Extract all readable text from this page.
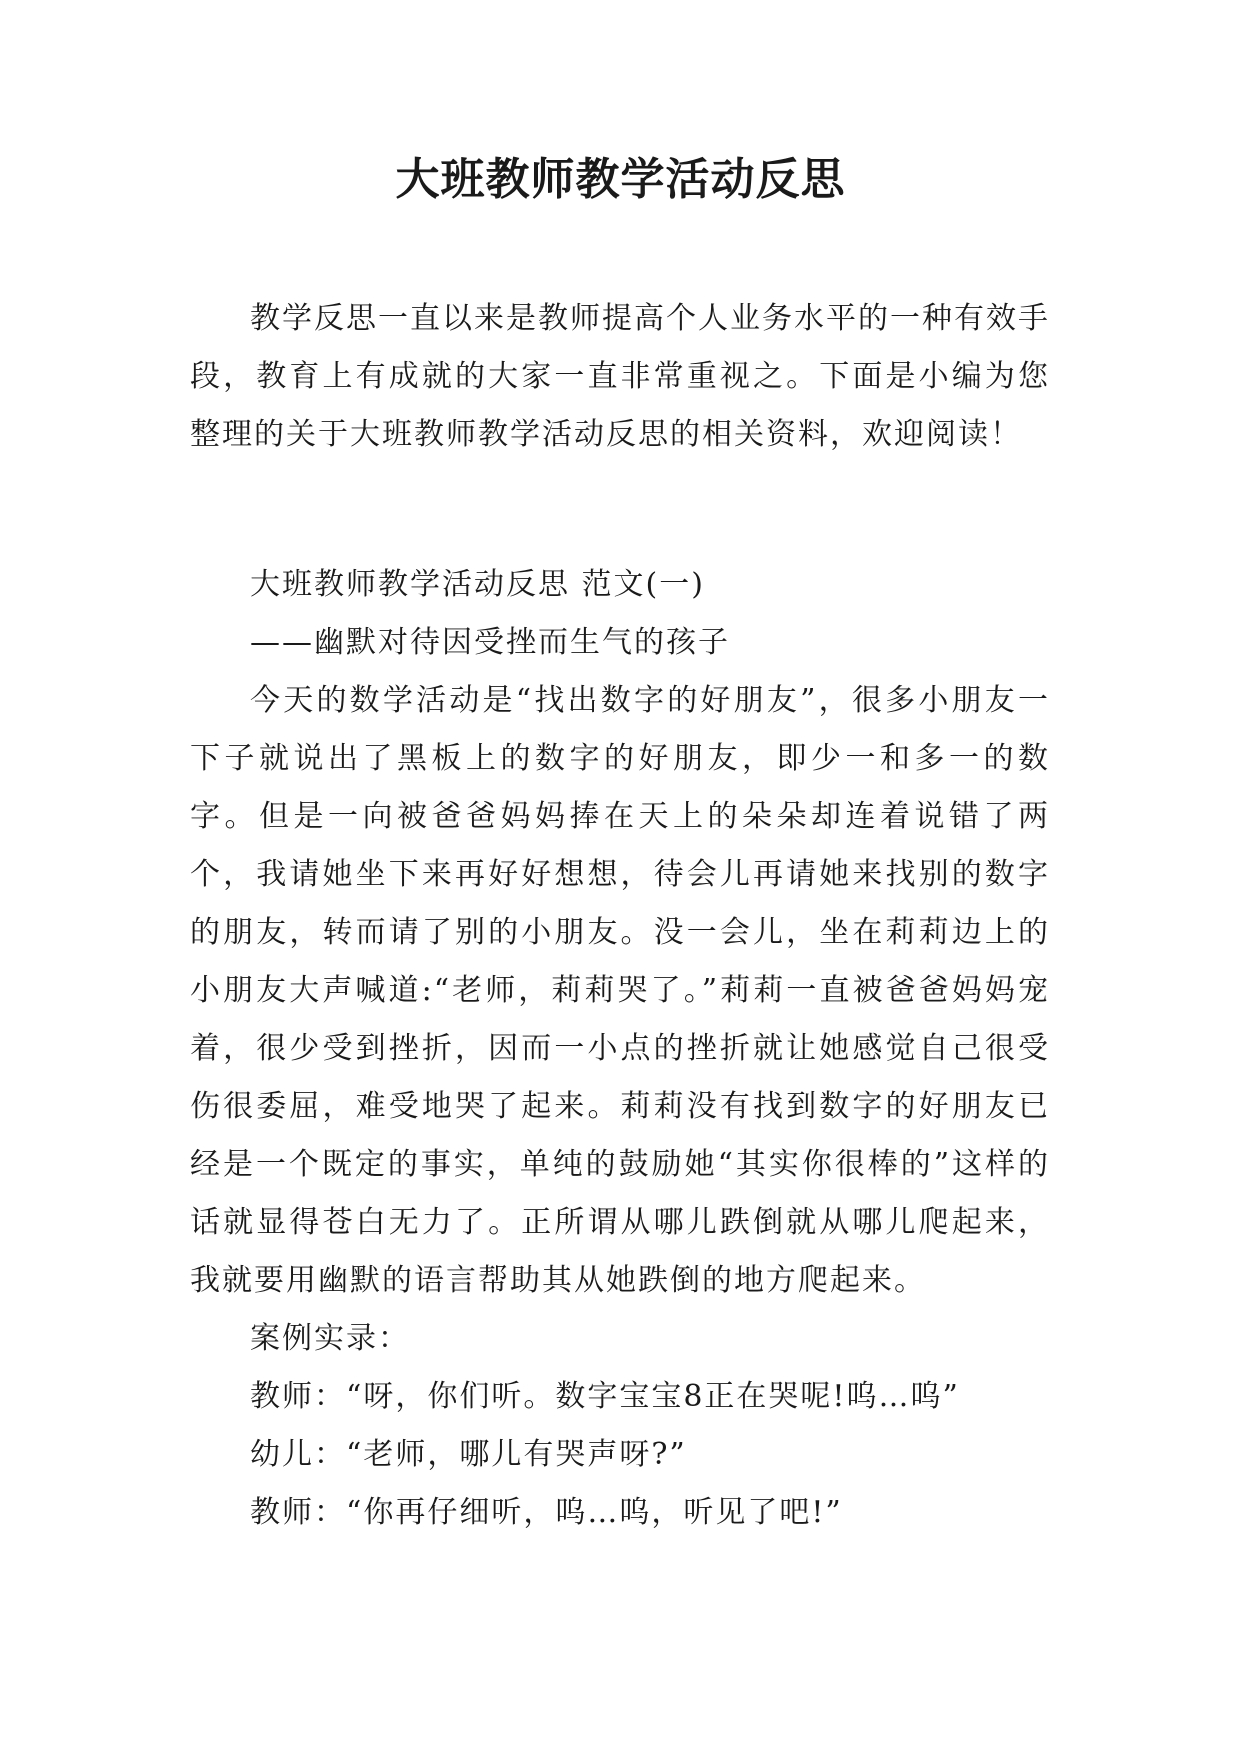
大班教师教学活动反思

教学反思一直以来是教师提高个人业务水平的一种有效手段，教育上有成就的大家一直非常重视之。下面是小编为您整理的关于大班教师教学活动反思的相关资料，欢迎阅读！

大班教师教学活动反思 范文(一)

——幽默对待因受挫而生气的孩子

今天的数学活动是“找出数字的好朋友”，很多小朋友一下子就说出了黑板上的数字的好朋友，即少一和多一的数字。但是一向被爸爸妈妈捧在天上的朵朵却连着说错了两个，我请她坐下来再好好想想，待会儿再请她来找别的数字的朋友，转而请了别的小朋友。没一会儿，坐在莉莉边上的小朋友大声喊道:“老师，莉莉哭了。”莉莉一直被爸爸妈妈宠着，很少受到挫折，因而一小点的挫折就让她感觉自己很受伤很委屈，难受地哭了起来。莉莉没有找到数字的好朋友已经是一个既定的事实，单纯的鼓励她“其实你很棒的”这样的话就显得苍白无力了。正所谓从哪儿跌倒就从哪儿爬起来，我就要用幽默的语言帮助其从她跌倒的地方爬起来。

案例实录：

教师：“呀，你们听。数字宝宝8正在哭呢!呜…呜”

幼儿：“老师，哪儿有哭声呀?”

教师：“你再仔细听，呜…呜，听见了吧!”
